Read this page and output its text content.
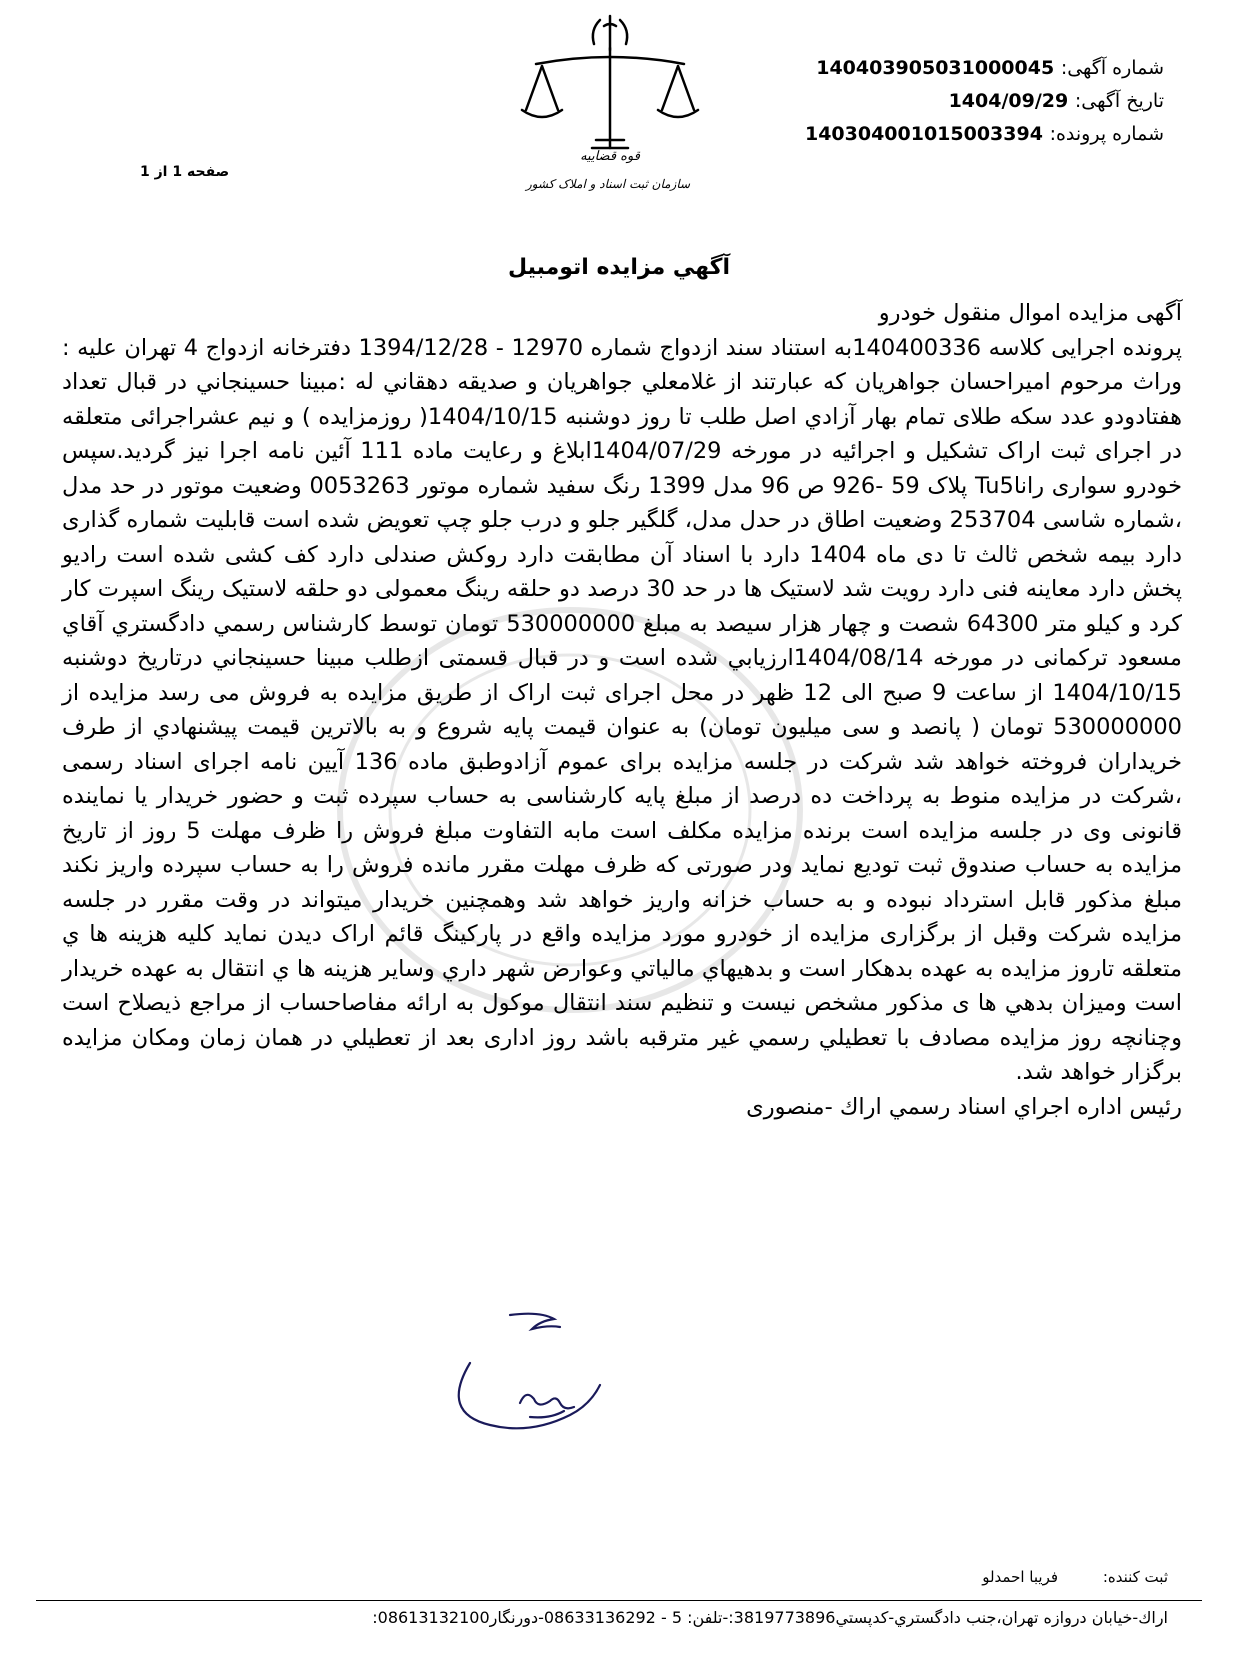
قوه قضاییه
سازمان ثبت اسناد و املاک کشور
شماره آگهی: 140403905031000045
تاریخ آگهی: 1404/09/29
شماره پرونده: 140304001015003394
صفحه 1 از 1
آگهي مزايده اتومبيل

آگهی مزایده اموال منقول خودرو

پرونده اجرایی کلاسه 140400336به استناد سند ازدواج شماره 12970 - 1394/12/28 دفترخانه ازدواج 4 تهران علیه : وراث مرحوم اميراحسان جواهريان كه عبارتند از غلامعلي جواهريان و صديقه دهقاني له :مبينا حسينجاني در قبال تعداد هفتادودو عدد سکه طلای تمام بهار آزادي اصل طلب تا روز دوشنبه 1404/10/15( روزمزایده ) و نیم عشراجرائی متعلقه در اجرای ثبت اراک تشکیل و اجرائیه در مورخه 1404/07/29ابلاغ و رعایت ماده 111 آئین نامه اجرا نیز گردید.سپس خودرو سواری رانا‏Tu5 پلاک 59 -926 ص 96 مدل 1399 رنگ سفيد شماره موتور 0053263 وضعيت موتور در حد مدل ،شماره شاسی 253704 وضعیت اطاق در حدل مدل، گلگیر جلو و درب جلو چپ تعویض شده است قابلیت شماره گذاری دارد بیمه شخص ثالث تا دی ماه 1404 دارد با اسناد آن مطابقت دارد روکش صندلی دارد کف کشی شده است رادیو پخش دارد معاینه فنی دارد رویت شد لاستیک ها در حد 30 درصد دو حلقه رینگ معمولی دو حلقه لاستیک رینگ اسپرت کار کرد و کیلو متر 64300 شصت و چهار هزار سیصد به مبلغ 530000000 تومان توسط كارشناس رسمي دادگستري آقاي مسعود ترکمانی در مورخه 1404/08/14ارزيابي شده است و در قبال قسمتی ازطلب مبینا حسينجاني درتاريخ دوشنبه 1404/10/15 از ساعت 9 صبح الی 12 ظهر در محل اجرای ثبت اراک از طریق مزایده به فروش می رسد مزایده از 530000000 تومان ( پانصد و سی میلیون تومان) به عنوان قيمت پايه شروع و به بالاترين قيمت پيشنهادي از طرف خريداران فروخته خواهد شد شرکت در جلسه مزایده برای عموم آزادوطبق ماده 136 آیین نامه اجرای اسناد رسمی ،شرکت در مزایده منوط به پرداخت ده درصد از مبلغ پایه کارشناسی به حساب سپرده ثبت و حضور خریدار یا نماینده قانونی وی در جلسه مزایده است برنده مزایده مکلف است مابه التفاوت مبلغ فروش را ظرف مهلت 5 روز از تاریخ مزایده به حساب صندوق ثبت تودیع نماید ودر صورتی که ظرف مهلت مقرر مانده فروش را به حساب سپرده واریز نکند مبلغ مذکور قابل استرداد نبوده و به حساب خزانه واریز خواهد شد وهمچنین خریدار میتواند در وقت مقرر در جلسه مزایده شرکت وقبل از برگزاری مزایده از خودرو مورد مزایده واقع در پارکینگ قائم اراک دیدن نماید کليه هزينه ها ي متعلقه تاروز مزايده به عهده بدهكار است و بدهيهاي مالياتي وعوارض شهر داري وساير هزينه ها ي انتقال به عهده خريدار است وميزان بدهي ها ی مذكور مشخص نيست و تنظيم سند انتقال موكول به ارائه مفاصاحساب از مراجع ذيصلاح است وچنانچه روز مزايده مصادف با تعطيلي رسمي غير مترقبه باشد روز اداری بعد از تعطيلي در همان زمان ومكان مزايده برگزار خواهد شد.

رئيس اداره اجراي اسناد رسمي اراك -منصوری

ثبت کننده: فريبا احمدلو
اراك-خيابان دروازه تهران،جنب دادگستري-كدپستي3819773896:-تلفن: 5 - 08633136292-دورنگار08613132100:
